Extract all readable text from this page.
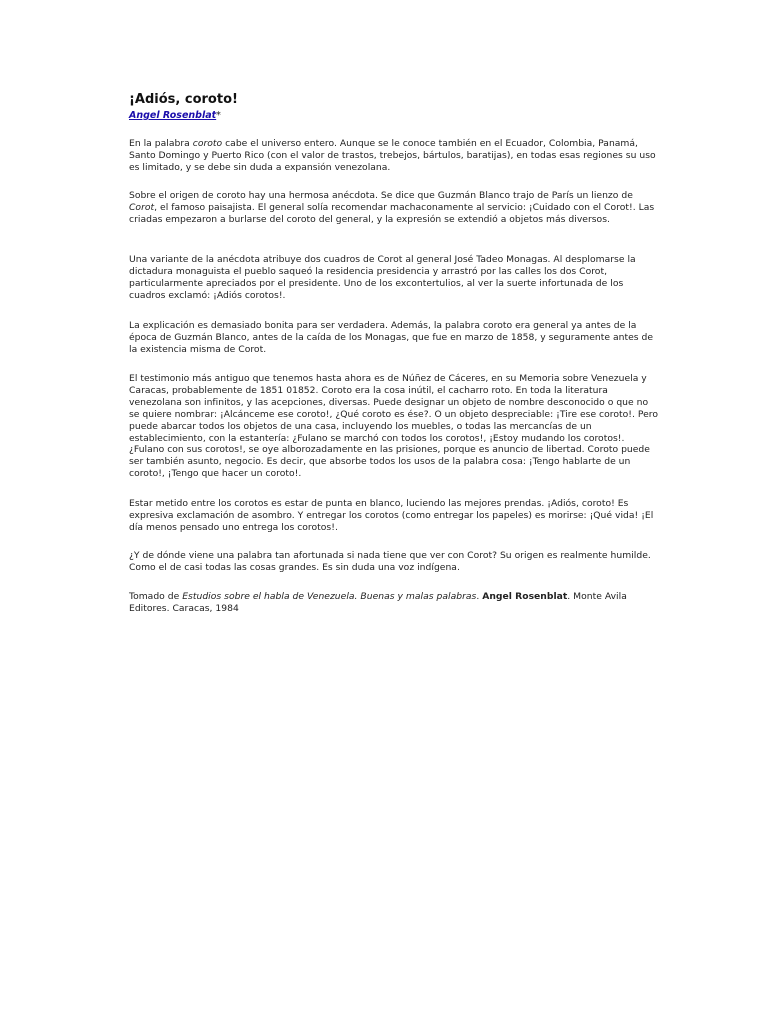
¡Adiós, coroto!
Angel Rosenblat*

En la palabra coroto cabe el universo entero. Aunque se le conoce también en el Ecuador, Colombia, Panamá, Santo Domingo y Puerto Rico (con el valor de trastos, trebejos, bártulos, baratijas), en todas esas regiones su uso es limitado, y se debe sin duda a expansión venezolana.

Sobre el origen de coroto hay una hermosa anécdota. Se dice que Guzmán Blanco trajo de París un lienzo de Corot, el famoso paisajista. El general solía recomendar machaconamente al servicio: ¡Cuidado con el Corot!. Las criadas empezaron a burlarse del coroto del general, y la expresión se extendió a objetos más diversos.

Una variante de la anécdota atribuye dos cuadros de Corot al general José Tadeo Monagas. Al desplomarse la dictadura monaguista el pueblo saqueó la residencia presidencia y arrastró por las calles los dos Corot, particularmente apreciados por el presidente. Uno de los excontertulios, al ver la suerte infortunada de los cuadros exclamó: ¡Adiós corotos!.

La explicación es demasiado bonita para ser verdadera. Además, la palabra coroto era general ya antes de la época de Guzmán Blanco, antes de la caída de los Monagas, que fue en marzo de 1858, y seguramente antes de la existencia misma de Corot.

El testimonio más antiguo que tenemos hasta ahora es de Núñez de Cáceres, en su Memoria sobre Venezuela y Caracas, probablemente de 1851 01852. Coroto era la cosa inútil, el cacharro roto. En toda la literatura venezolana son infinitos, y las acepciones, diversas. Puede designar un objeto de nombre desconocido o que no se quiere nombrar: ¡Alcánceme ese coroto!, ¿Qué coroto es ése?. O un objeto despreciable: ¡Tire ese coroto!. Pero puede abarcar todos los objetos de una casa, incluyendo los muebles, o todas las mercancías de un establecimiento, con la estantería: ¿Fulano se marchó con todos los corotos!, ¡Estoy mudando los corotos!. ¿Fulano con sus corotos!, se oye alborozadamente en las prisiones, porque es anuncio de libertad. Coroto puede ser también asunto, negocio. Es decir, que absorbe todos los usos de la palabra cosa: ¡Tengo hablarte de un coroto!, ¡Tengo que hacer un coroto!.

Estar metido entre los corotos es estar de punta en blanco, luciendo las mejores prendas. ¡Adiós, coroto! Es expresiva exclamación de asombro. Y entregar los corotos (como entregar los papeles) es morirse: ¡Qué vida! ¡El día menos pensado uno entrega los corotos!.

¿Y de dónde viene una palabra tan afortunada si nada tiene que ver con Corot? Su origen es realmente humilde. Como el de casi todas las cosas grandes. Es sin duda una voz indígena.

Tomado de Estudios sobre el habla de Venezuela. Buenas y malas palabras. Angel Rosenblat. Monte Avila Editores. Caracas, 1984
